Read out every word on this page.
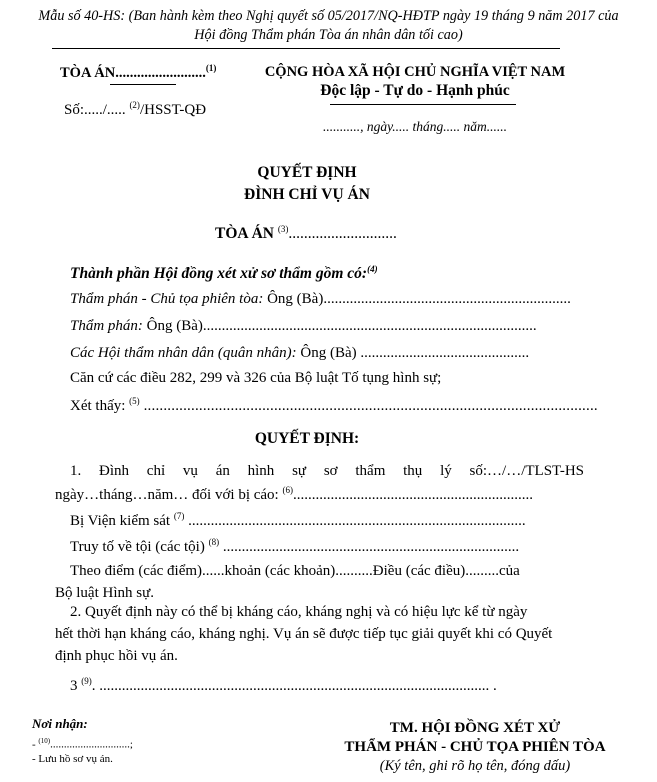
Mẫu số 40-HS: (Ban hành kèm theo Nghị quyết số 05/2017/NQ-HĐTP ngày 19 tháng 9 năm 2017 của
Hội đồng Thẩm phán Tòa án nhân dân tối cao)
TÒA ÁN.........................$^{(1)}$
Số:...../..... $^{(2)}$/HSST-QĐ
CỘNG HÒA XÃ HỘI CHỦ NGHĨA VIỆT NAM
Độc lập - Tự do - Hạnh phúc
..........., ngày..... tháng..... năm......
QUYẾT ĐỊNH
ĐÌNH CHỈ VỤ ÁN
TÒA ÁN $^{(3)}$............................
Thành phần Hội đồng xét xử sơ thẩm gồm có:$^{(4)}$
Thẩm phán - Chủ tọa phiên tòa: Ông (Bà)..................................................................
Thẩm phán: Ông (Bà).........................................................................................
Các Hội thẩm nhân dân (quân nhân): Ông (Bà) .............................................
Căn cứ các điều 282, 299 và 326 của Bộ luật Tố tụng hình sự;
Xét thấy: $^{(5)}$ ...................................................................................................................
QUYẾT ĐỊNH:
1. Đình chỉ vụ án hình sự sơ thẩm thụ lý số:…/…/TLST-HS
ngày…tháng…năm… đối với bị cáo: $^{(6)}$................................................................
Bị Viện kiểm sát $^{(7)}$ ..........................................................................................
Truy tố về tội (các tội) $^{(8)}$ ...............................................................................
Theo điểm (các điểm)......khoản (các khoản)..........Điều (các điều).........của
Bộ luật Hình sự.
2. Quyết định này có thể bị kháng cáo, kháng nghị và có hiệu lực kể từ ngày
hết thời hạn kháng cáo, kháng nghị. Vụ án sẽ được tiếp tục giải quyết khi có Quyết
định phục hồi vụ án.
3 $^{(9)}$. ........................................................................................................ .
Nơi nhận:
- $^{(10)}$.............................;
- Lưu hồ sơ vụ án.
TM. HỘI ĐỒNG XÉT XỬ
THẨM PHÁN - CHỦ TỌA PHIÊN TÒA
(Ký tên, ghi rõ họ tên, đóng dấu)
